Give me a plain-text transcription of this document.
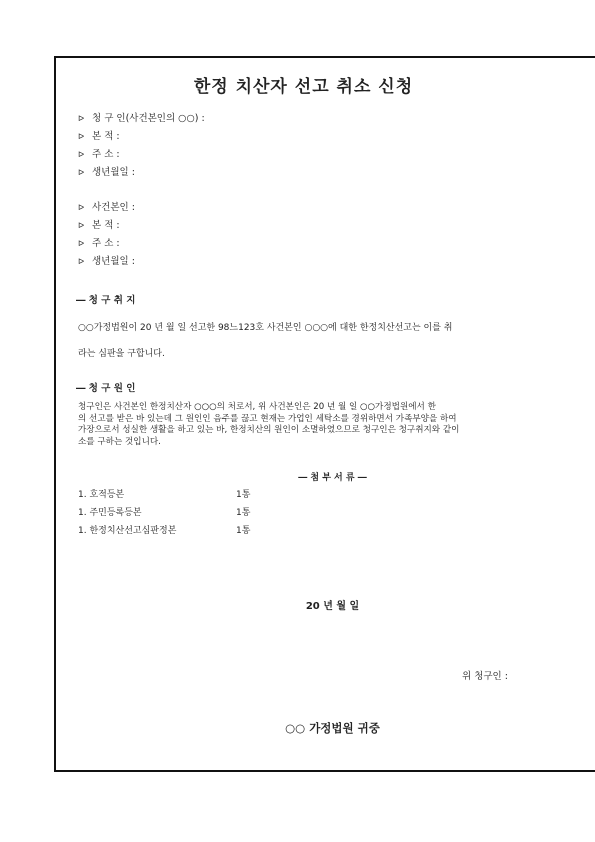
한정 치산자 선고 취소 신청
ᐅ 청 구 인(사건본인의 ○○) :
ᐅ 본 적 :
ᐅ 주 소 :
ᐅ 생년월일 :
ᐅ 사건본인 :
ᐅ 본 적 :
ᐅ 주 소 :
ᐅ 생년월일 :
― 청 구 취 지

○○가정법원이 20 년 월 일 선고한 98느123호 사건본인 ○○○에 대한 한정치산선고는 이를 취

라는 심판을 구합니다.

― 청 구 원 인

청구인은 사건본인 한정치산자 ○○○의 처로서, 위 사건본인은 20 년 월 일 ○○가정법원에서 한
의 선고를 받은 바 있는데 그 원인인 음주를 끊고 현재는 가업인 세탁소를 경위하면서 가족부양을 하여
가장으로서 성실한 생활을 하고 있는 바, 한정치산의 원인이 소멸하였으므로 청구인은 청구취지와 같이
소를 구하는 것입니다.

― 첨 부 서 류 ―
1. 호적등본	1통
1. 주민등록등본	1통
1. 한정치산선고심판정본	1통

20 년 월 일

위 청구인 :

○○ 가정법원 귀중
